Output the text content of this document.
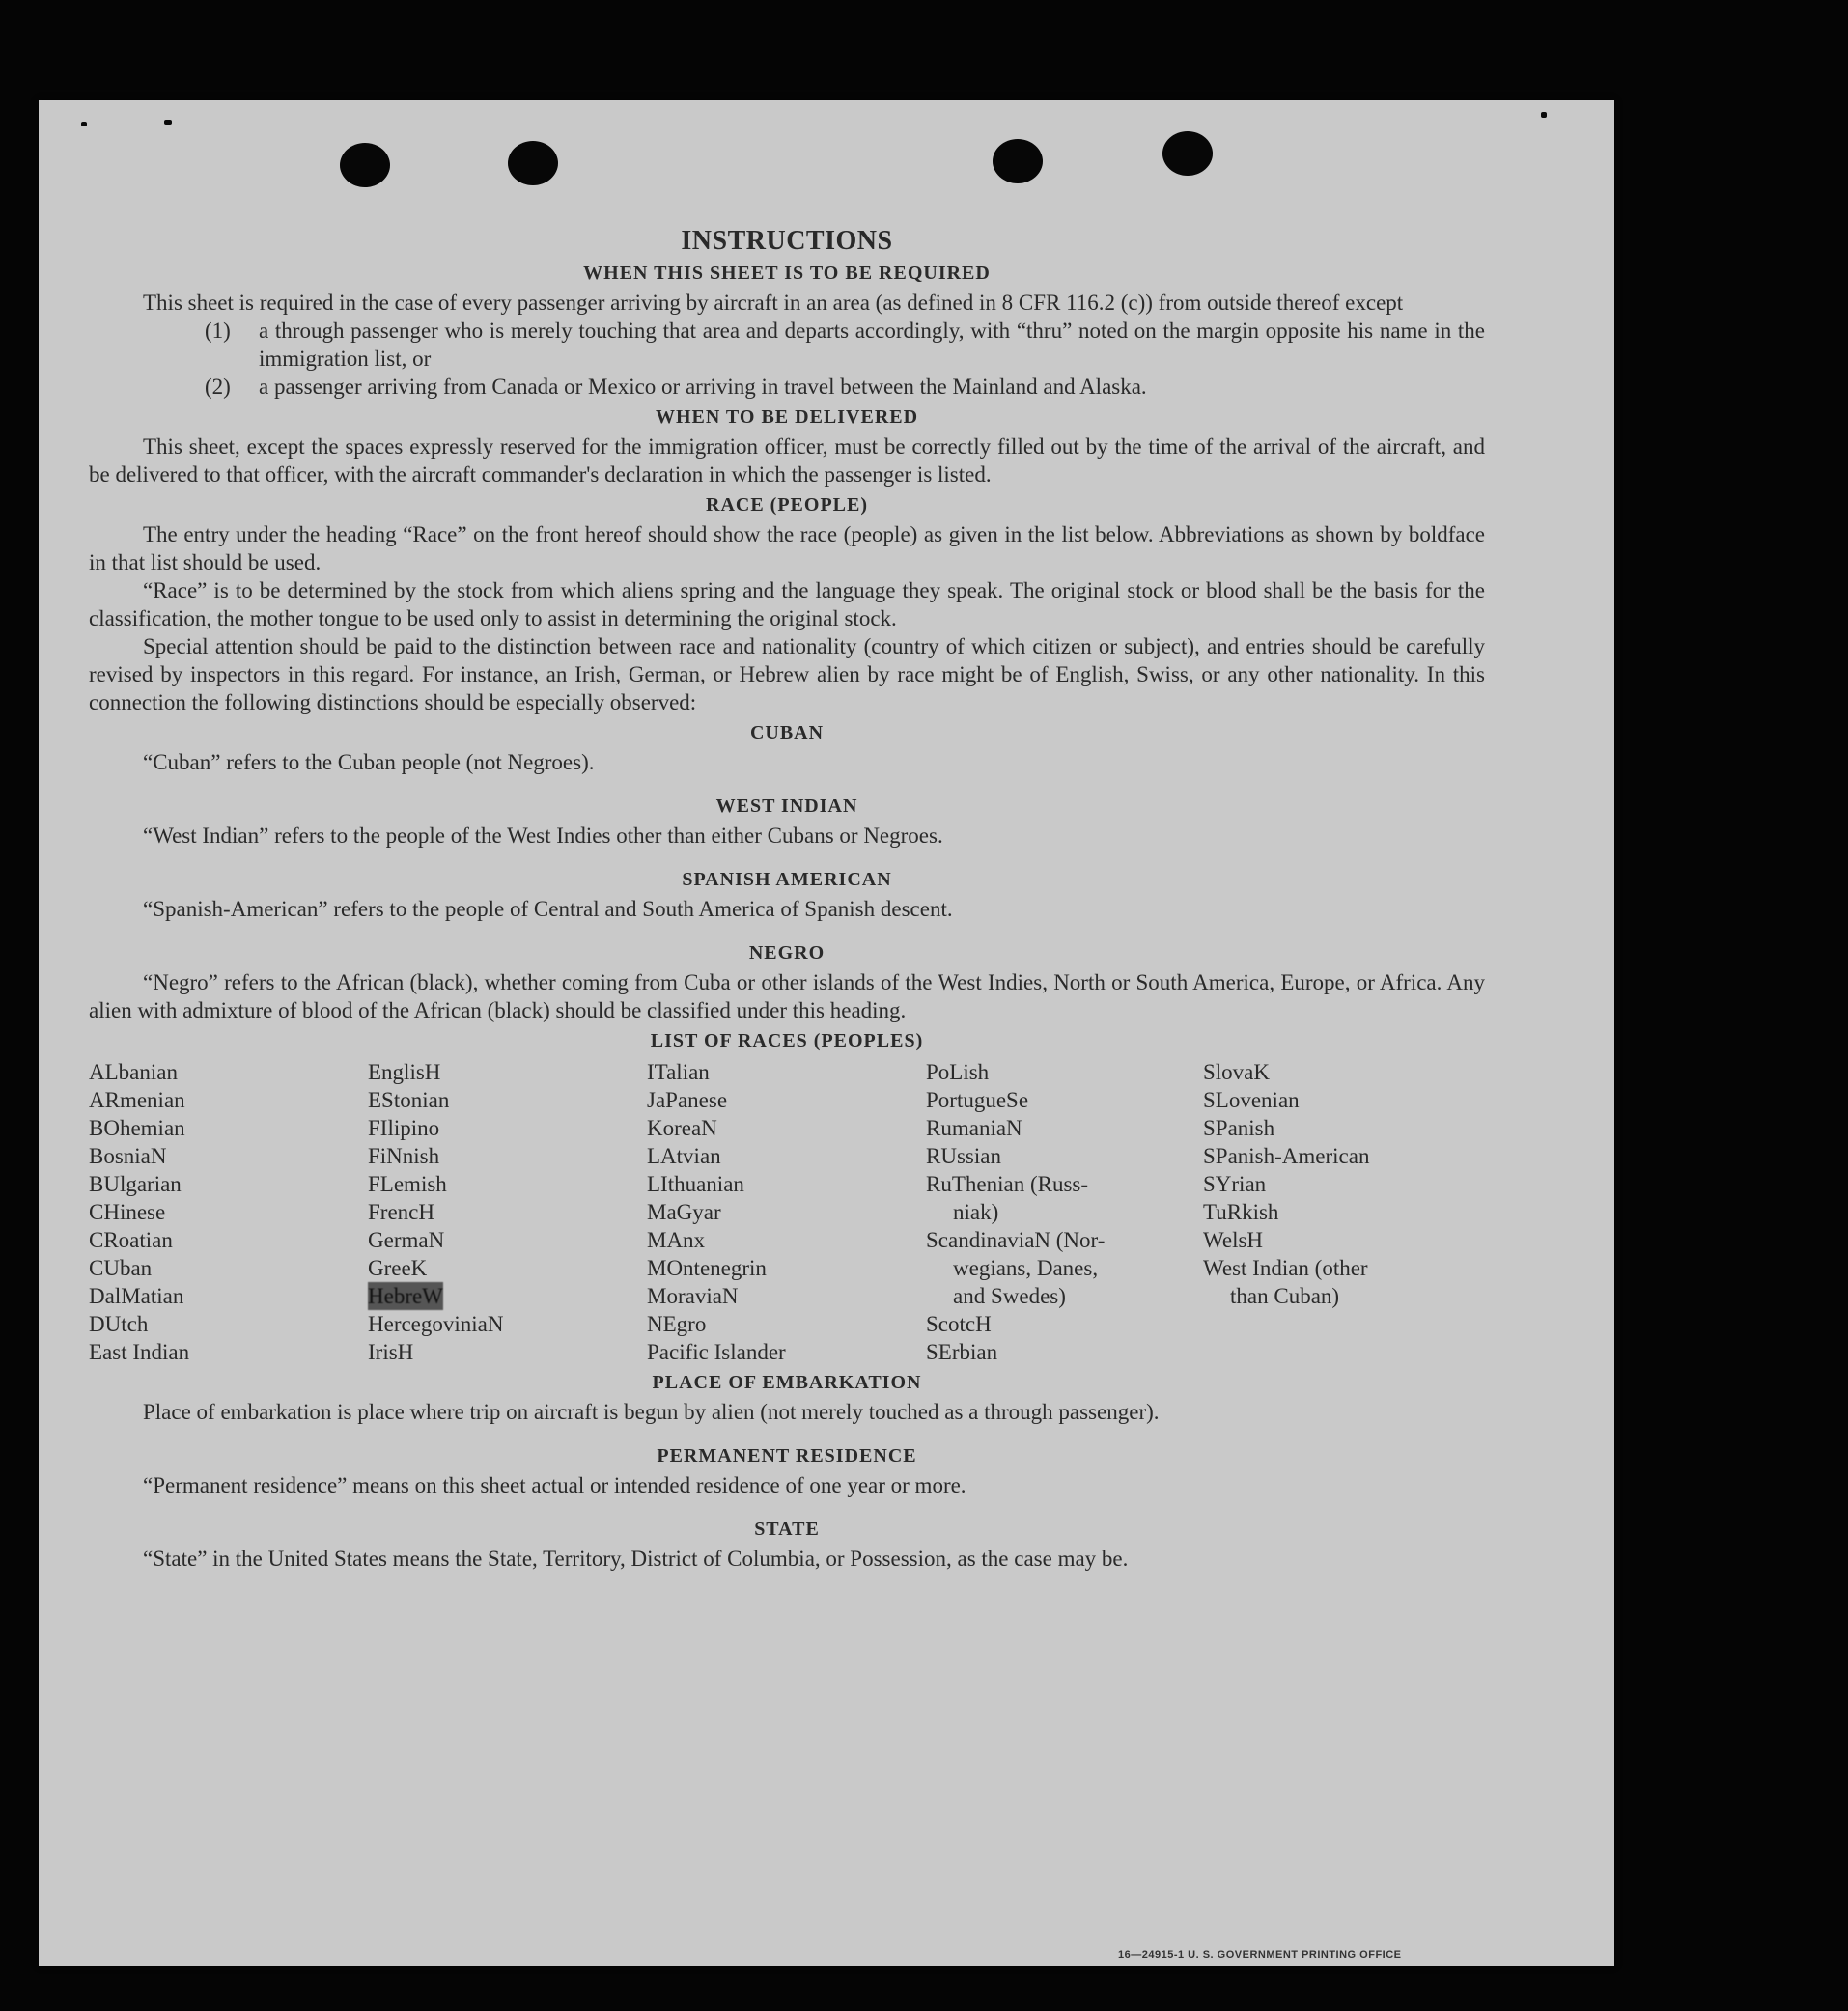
INSTRUCTIONS
WHEN THIS SHEET IS TO BE REQUIRED

This sheet is required in the case of every passenger arriving by aircraft in an area (as defined in 8 CFR 116.2 (c)) from outside thereof except

(1)	a through passenger who is merely touching that area and departs accordingly, with “thru” noted on the margin opposite his name in the immigration list, or
(2)	a passenger arriving from Canada or Mexico or arriving in travel between the Mainland and Alaska.
WHEN TO BE DELIVERED

This sheet, except the spaces expressly reserved for the immigration officer, must be correctly filled out by the time of the arrival of the aircraft, and be delivered to that officer, with the aircraft commander's declaration in which the passenger is listed.

RACE (PEOPLE)

The entry under the heading “Race” on the front hereof should show the race (people) as given in the list below. Abbreviations as shown by boldface in that list should be used.

“Race” is to be determined by the stock from which aliens spring and the language they speak. The original stock or blood shall be the basis for the classification, the mother tongue to be used only to assist in determining the original stock.

Special attention should be paid to the distinction between race and nationality (country of which citizen or subject), and entries should be carefully revised by inspectors in this regard. For instance, an Irish, German, or Hebrew alien by race might be of English, Swiss, or any other nationality. In this connection the following distinctions should be especially observed:

CUBAN

“Cuban” refers to the Cuban people (not Negroes).

WEST INDIAN

“West Indian” refers to the people of the West Indies other than either Cubans or Negroes.

SPANISH AMERICAN

“Spanish-American” refers to the people of Central and South America of Spanish descent.

NEGRO

“Negro” refers to the African (black), whether coming from Cuba or other islands of the West Indies, North or South America, Europe, or Africa. Any alien with admixture of blood of the African (black) should be classified under this heading.

LIST OF RACES (PEOPLES)
ALbanian
ARmenian
BOhemian
BosniaN
BUlgarian
CHinese
CRoatian
CUban
DalMatian
DUtch
East Indian
EnglisH
EStonian
FIlipino
FiNnish
FLemish
FrencH
GermaN
GreeK
HebreW
HercegoviniaN
IrisH
ITalian
JaPanese
KoreaN
LAtvian
LIthuanian
MaGyar
MAnx
MOntenegrin
MoraviaN
NEgro
Pacific Islander
PoLish
PortugueSe
RumaniaN
RUssian
RuThenian (Russ-
niak)
ScandinaviaN (Nor-
wegians, Danes,
and Swedes)
ScotcH
SErbian
SlovaK
SLovenian
SPanish
SPanish-American
SYrian
TuRkish
WelsH
West Indian (other
than Cuban)
PLACE OF EMBARKATION

Place of embarkation is place where trip on aircraft is begun by alien (not merely touched as a through passenger).

PERMANENT RESIDENCE

“Permanent residence” means on this sheet actual or intended residence of one year or more.

STATE

“State” in the United States means the State, Territory, District of Columbia, or Possession, as the case may be.

16—24915-1 U. S. GOVERNMENT PRINTING OFFICE
